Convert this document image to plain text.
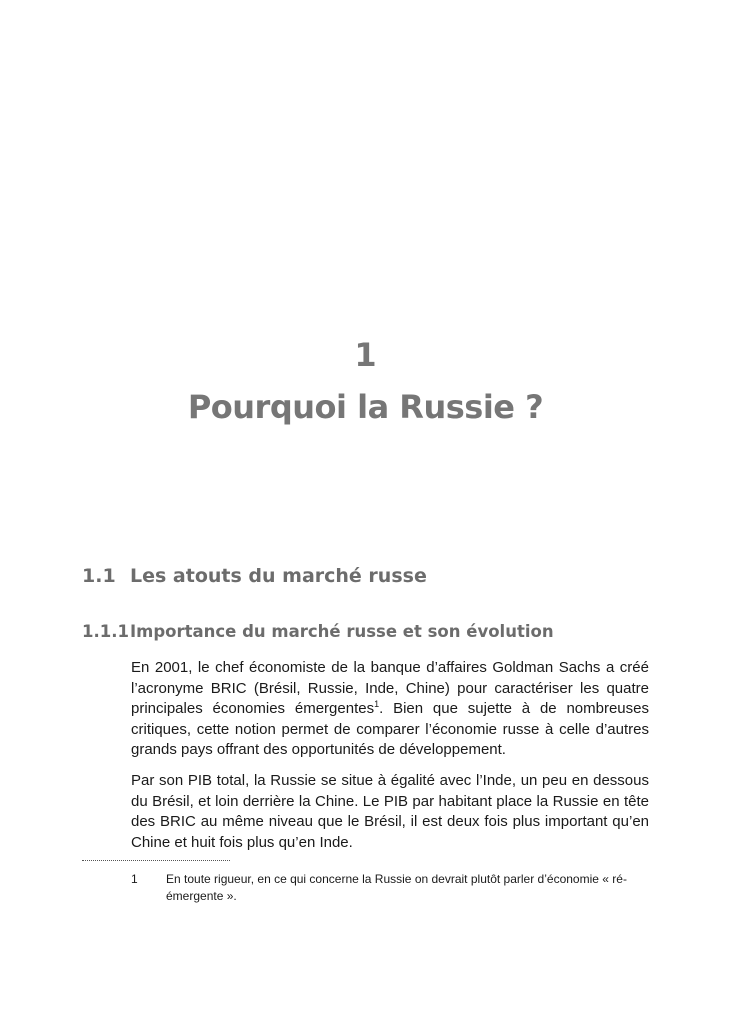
1
Pourquoi la Russie ?
1.1 Les atouts du marché russe
1.1.1Importance du marché russe et son évolution

En 2001, le chef économiste de la banque d’affaires Goldman Sachs a créé l’acronyme BRIC (Brésil, Russie, Inde, Chine) pour caractériser les quatre principales économies émergentes$^1$. Bien que sujette à de nombreuses critiques, cette notion permet de comparer l’économie russe à celle d’autres grands pays offrant des opportunités de développement.

Par son PIB total, la Russie se situe à égalité avec l’Inde, un peu en dessous du Brésil, et loin derrière la Chine. Le PIB par habitant place la Russie en tête des BRIC au même niveau que le Brésil, il est deux fois plus important qu’en Chine et huit fois plus qu’en Inde.

1 En toute rigueur, en ce qui concerne la Russie on devrait plutôt parler d’économie « ré-émergente ».
